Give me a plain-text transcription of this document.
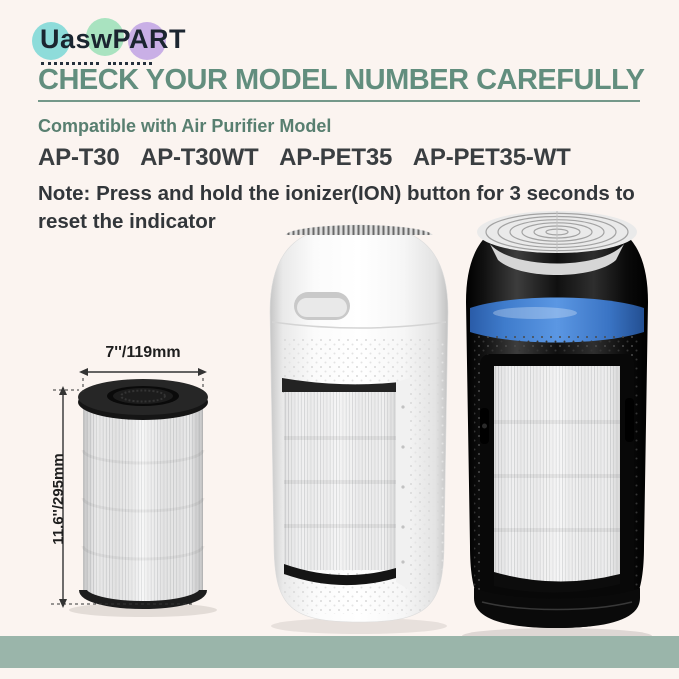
UaswPART
CHECK YOUR MODEL NUMBER CAREFULLY
Compatible with Air Purifier Model
AP-T30 AP-T30WT AP-PET35 AP-PET35-WT

Note: Press and hold the ionizer(ION) button for 3 seconds to reset the indicator

7''/119mm
11.6''/295mm
